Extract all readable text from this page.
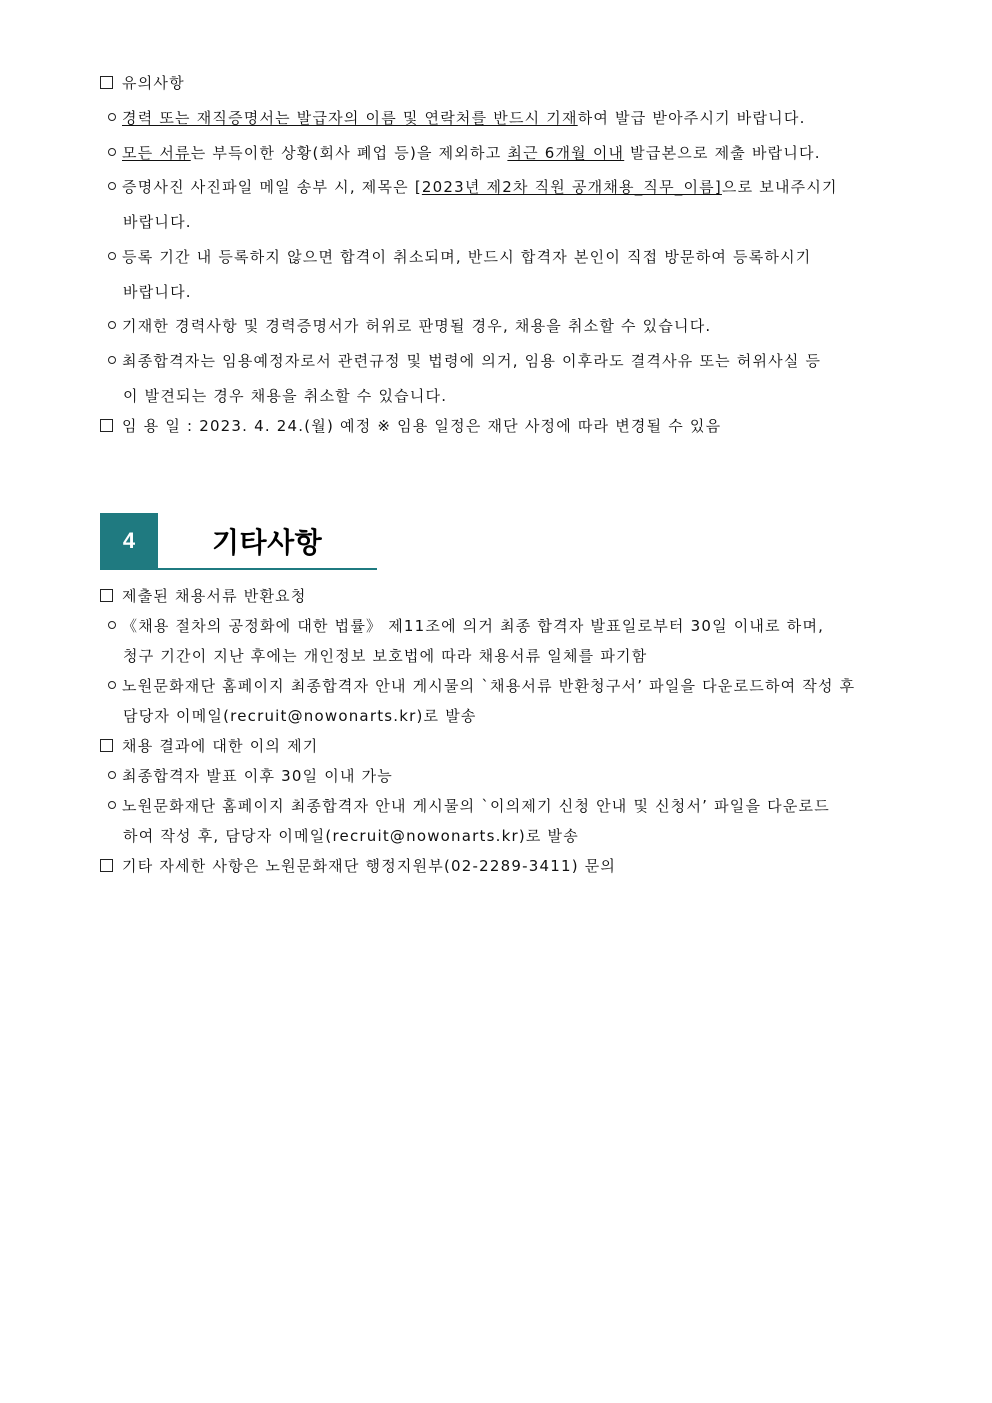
유의사항
경력 또는 재직증명서는 발급자의 이름 및 연락처를 반드시 기재하여 발급 받아주시기 바랍니다.
모든 서류는 부득이한 상황(회사 폐업 등)을 제외하고 최근 6개월 이내 발급본으로 제출 바랍니다.
증명사진 사진파일 메일 송부 시, 제목은 [2023년 제2차 직원 공개채용_직무_이름]으로 보내주시기
바랍니다.
등록 기간 내 등록하지 않으면 합격이 취소되며, 반드시 합격자 본인이 직접 방문하여 등록하시기
바랍니다.
기재한 경력사항 및 경력증명서가 허위로 판명될 경우, 채용을 취소할 수 있습니다.
최종합격자는 임용예정자로서 관련규정 및 법령에 의거, 임용 이후라도 결격사유 또는 허위사실 등
이 발견되는 경우 채용을 취소할 수 있습니다.
임 용 일 : 2023. 4. 24.(월) 예정 ※ 임용 일정은 재단 사정에 따라 변경될 수 있음
4	기타사항
제출된 채용서류 반환요청
《채용 절차의 공정화에 대한 법률》 제11조에 의거 최종 합격자 발표일로부터 30일 이내로 하며,
청구 기간이 지난 후에는 개인정보 보호법에 따라 채용서류 일체를 파기함
노원문화재단 홈페이지 최종합격자 안내 게시물의 `채용서류 반환청구서’ 파일을 다운로드하여 작성 후
담당자 이메일(recruit@nowonarts.kr)로 발송
채용 결과에 대한 이의 제기
최종합격자 발표 이후 30일 이내 가능
노원문화재단 홈페이지 최종합격자 안내 게시물의 `이의제기 신청 안내 및 신청서’ 파일을 다운로드
하여 작성 후, 담당자 이메일(recruit@nowonarts.kr)로 발송
기타 자세한 사항은 노원문화재단 행정지원부(02-2289-3411) 문의
